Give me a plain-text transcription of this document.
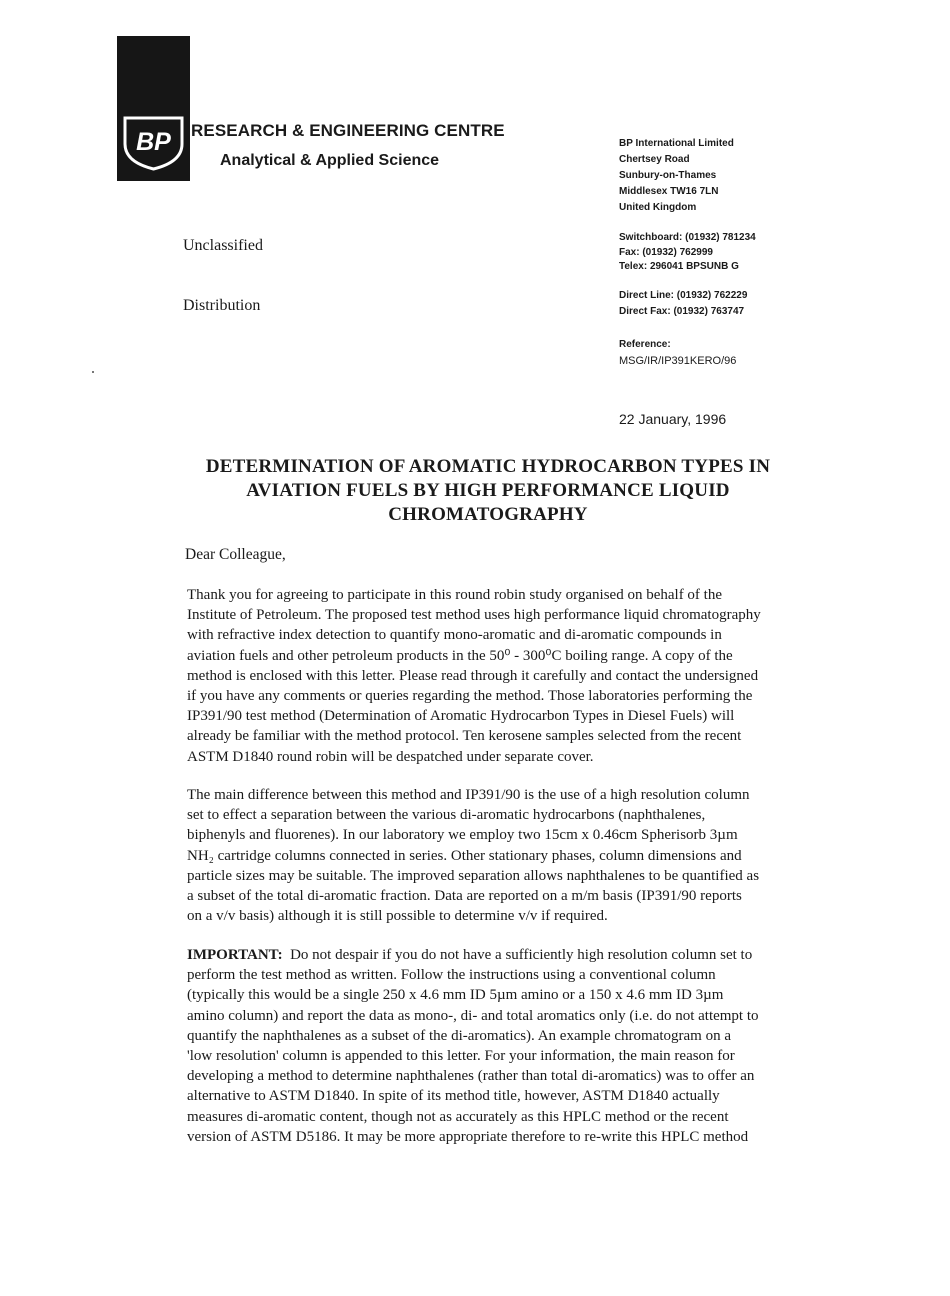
BP RESEARCH & ENGINEERING CENTRE
Analytical & Applied Science
BP International Limited
Chertsey Road
Sunbury-on-Thames
Middlesex TW16 7LN
United Kingdom
Switchboard: (01932) 781234
Fax: (01932) 762999
Telex: 296041 BPSUNB G
Direct Line: (01932) 762229
Direct Fax: (01932) 763747
Reference:
MSG/IR/IP391KERO/96
22 January, 1996
Unclassified
Distribution
DETERMINATION OF AROMATIC HYDROCARBON TYPES IN
AVIATION FUELS BY HIGH PERFORMANCE LIQUID
CHROMATOGRAPHY
Dear Colleague,
Thank you for agreeing to participate in this round robin study organised on behalf of the
Institute of Petroleum. The proposed test method uses high performance liquid chromatography
with refractive index detection to quantify mono-aromatic and di-aromatic compounds in
aviation fuels and other petroleum products in the 50⁰ - 300⁰C boiling range. A copy of the
method is enclosed with this letter. Please read through it carefully and contact the undersigned
if you have any comments or queries regarding the method. Those laboratories performing the
IP391/90 test method (Determination of Aromatic Hydrocarbon Types in Diesel Fuels) will
already be familiar with the method protocol. Ten kerosene samples selected from the recent
ASTM D1840 round robin will be despatched under separate cover.
The main difference between this method and IP391/90 is the use of a high resolution column
set to effect a separation between the various di-aromatic hydrocarbons (naphthalenes,
biphenyls and fluorenes). In our laboratory we employ two 15cm x 0.46cm Spherisorb 3µm
NH₂ cartridge columns connected in series. Other stationary phases, column dimensions and
particle sizes may be suitable. The improved separation allows naphthalenes to be quantified as
a subset of the total di-aromatic fraction. Data are reported on a m/m basis (IP391/90 reports
on a v/v basis) although it is still possible to determine v/v if required.
IMPORTANT:  Do not despair if you do not have a sufficiently high resolution column set to
perform the test method as written. Follow the instructions using a conventional column
(typically this would be a single 250 x 4.6 mm ID 5µm amino or a 150 x 4.6 mm ID 3µm
amino column) and report the data as mono-, di- and total aromatics only (i.e. do not attempt to
quantify the naphthalenes as a subset of the di-aromatics). An example chromatogram on a
'low resolution' column is appended to this letter. For your information, the main reason for
developing a method to determine naphthalenes (rather than total di-aromatics) was to offer an
alternative to ASTM D1840. In spite of its method title, however, ASTM D1840 actually
measures di-aromatic content, though not as accurately as this HPLC method or the recent
version of ASTM D5186. It may be more appropriate therefore to re-write this HPLC method
